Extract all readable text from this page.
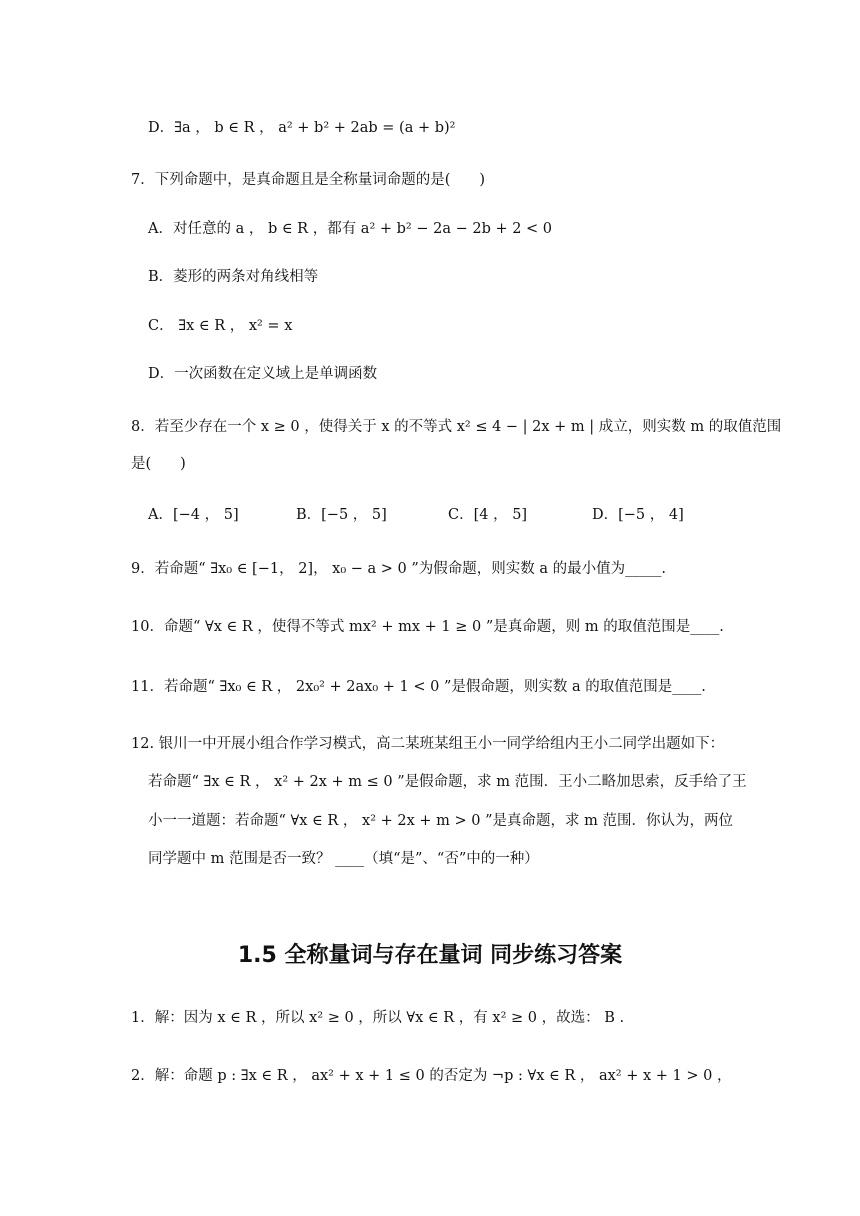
D．∃a ， b ∈ R ， a² + b² + 2ab = (a + b)²
7．下列命题中，是真命题且是全称量词命题的是(　　)
A．对任意的 a ， b ∈ R ，都有 a² + b² − 2a − 2b + 2 < 0
B．菱形的两条对角线相等
C． ∃x ∈ R ， x² = x
D．一次函数在定义域上是单调函数
8．若至少存在一个 x ≥ 0 ，使得关于 x 的不等式 x² ≤ 4 − | 2x + m | 成立，则实数 m 的取值范围
是(　　)
A．[−4 ， 5]	B．[−5 ， 5]	C．[4 ， 5]	D．[−5 ， 4]
9．若命题“ ∃x₀ ∈ [−1， 2]， x₀ − a > 0 ”为假命题，则实数 a 的最小值为_____.
10．命题“ ∀x ∈ R ，使得不等式 mx² + mx + 1 ≥ 0 ”是真命题，则 m 的取值范围是____.
11．若命题“ ∃x₀ ∈ R ， 2x₀² + 2ax₀ + 1 < 0 ”是假命题，则实数 a 的取值范围是____.
12. 银川一中开展小组合作学习模式，高二某班某组王小一同学给组内王小二同学出题如下：
若命题“ ∃x ∈ R ， x² + 2x + m ≤ 0 ”是假命题，求 m 范围．王小二略加思索，反手给了王
小一一道题：若命题“ ∀x ∈ R ， x² + 2x + m > 0 ”是真命题，求 m 范围．你认为，两位
同学题中 m 范围是否一致？ ____（填“是”、“否”中的一种）
1.5 全称量词与存在量词 同步练习答案
1．解：因为 x ∈ R ，所以 x² ≥ 0 ，所以 ∀x ∈ R ，有 x² ≥ 0 ，故选： B .
2．解：命题 p : ∃x ∈ R ， ax² + x + 1 ≤ 0 的否定为 ¬p : ∀x ∈ R ， ax² + x + 1 > 0 ，
